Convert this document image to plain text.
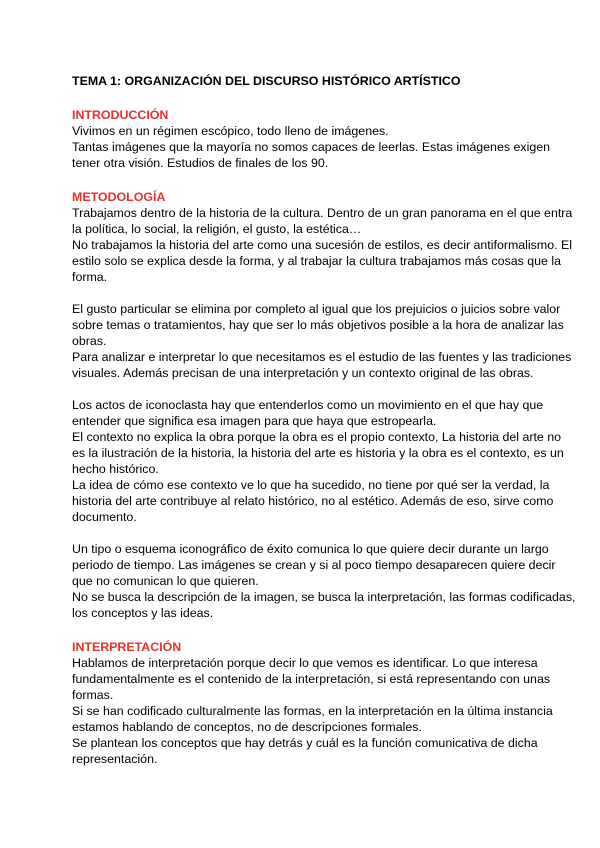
TEMA 1: ORGANIZACIÓN DEL DISCURSO HISTÓRICO ARTÍSTICO

INTRODUCCIÓN

Vivimos en un régimen escópico, todo lleno de imágenes.

Tantas imágenes que la mayoría no somos capaces de leerlas. Estas imágenes exigen tener otra visión. Estudios de finales de los 90.

METODOLOGÍA

Trabajamos dentro de la historia de la cultura. Dentro de un gran panorama en el que entra la política, lo social, la religión, el gusto, la estética…

No trabajamos la historia del arte como una sucesión de estilos, es decir antiformalismo. El estilo solo se explica desde la forma, y al trabajar la cultura trabajamos más cosas que la forma.

El gusto particular se elimina por completo al igual que los prejuicios o juicios sobre valor sobre temas o tratamientos, hay que ser lo más objetivos posible a la hora de analizar las obras.

Para analizar e interpretar lo que necesitamos es el estudio de las fuentes y las tradiciones visuales. Además precisan de una interpretación y un contexto original de las obras.

Los actos de iconoclasta hay que entenderlos como un movimiento en el que hay que entender que significa esa imagen para que haya que estropearla.

El contexto no explica la obra porque la obra es el propio contexto, La historia del arte no es la ilustración de la historia, la historia del arte es historia y la obra es el contexto, es un hecho histórico.

La idea de cómo ese contexto ve lo que ha sucedido, no tiene por qué ser la verdad, la historia del arte contribuye al relato histórico, no al estético. Además de eso, sirve como documento.

Un tipo o esquema iconográfico de éxito comunica lo que quiere decir durante un largo periodo de tiempo. Las imágenes se crean y si al poco tiempo desaparecen quiere decir que no comunican lo que quieren.

No se busca la descripción de la imagen, se busca la interpretación, las formas codificadas, los conceptos y las ideas.

INTERPRETACIÓN

Hablamos de interpretación porque decir lo que vemos es identificar. Lo que interesa fundamentalmente es el contenido de la interpretación, si está representando con unas formas.

Si se han codificado culturalmente las formas, en la interpretación en la última instancia estamos hablando de conceptos, no de descripciones formales.

Se plantean los conceptos que hay detrás y cuál es la función comunicativa de dicha representación.
